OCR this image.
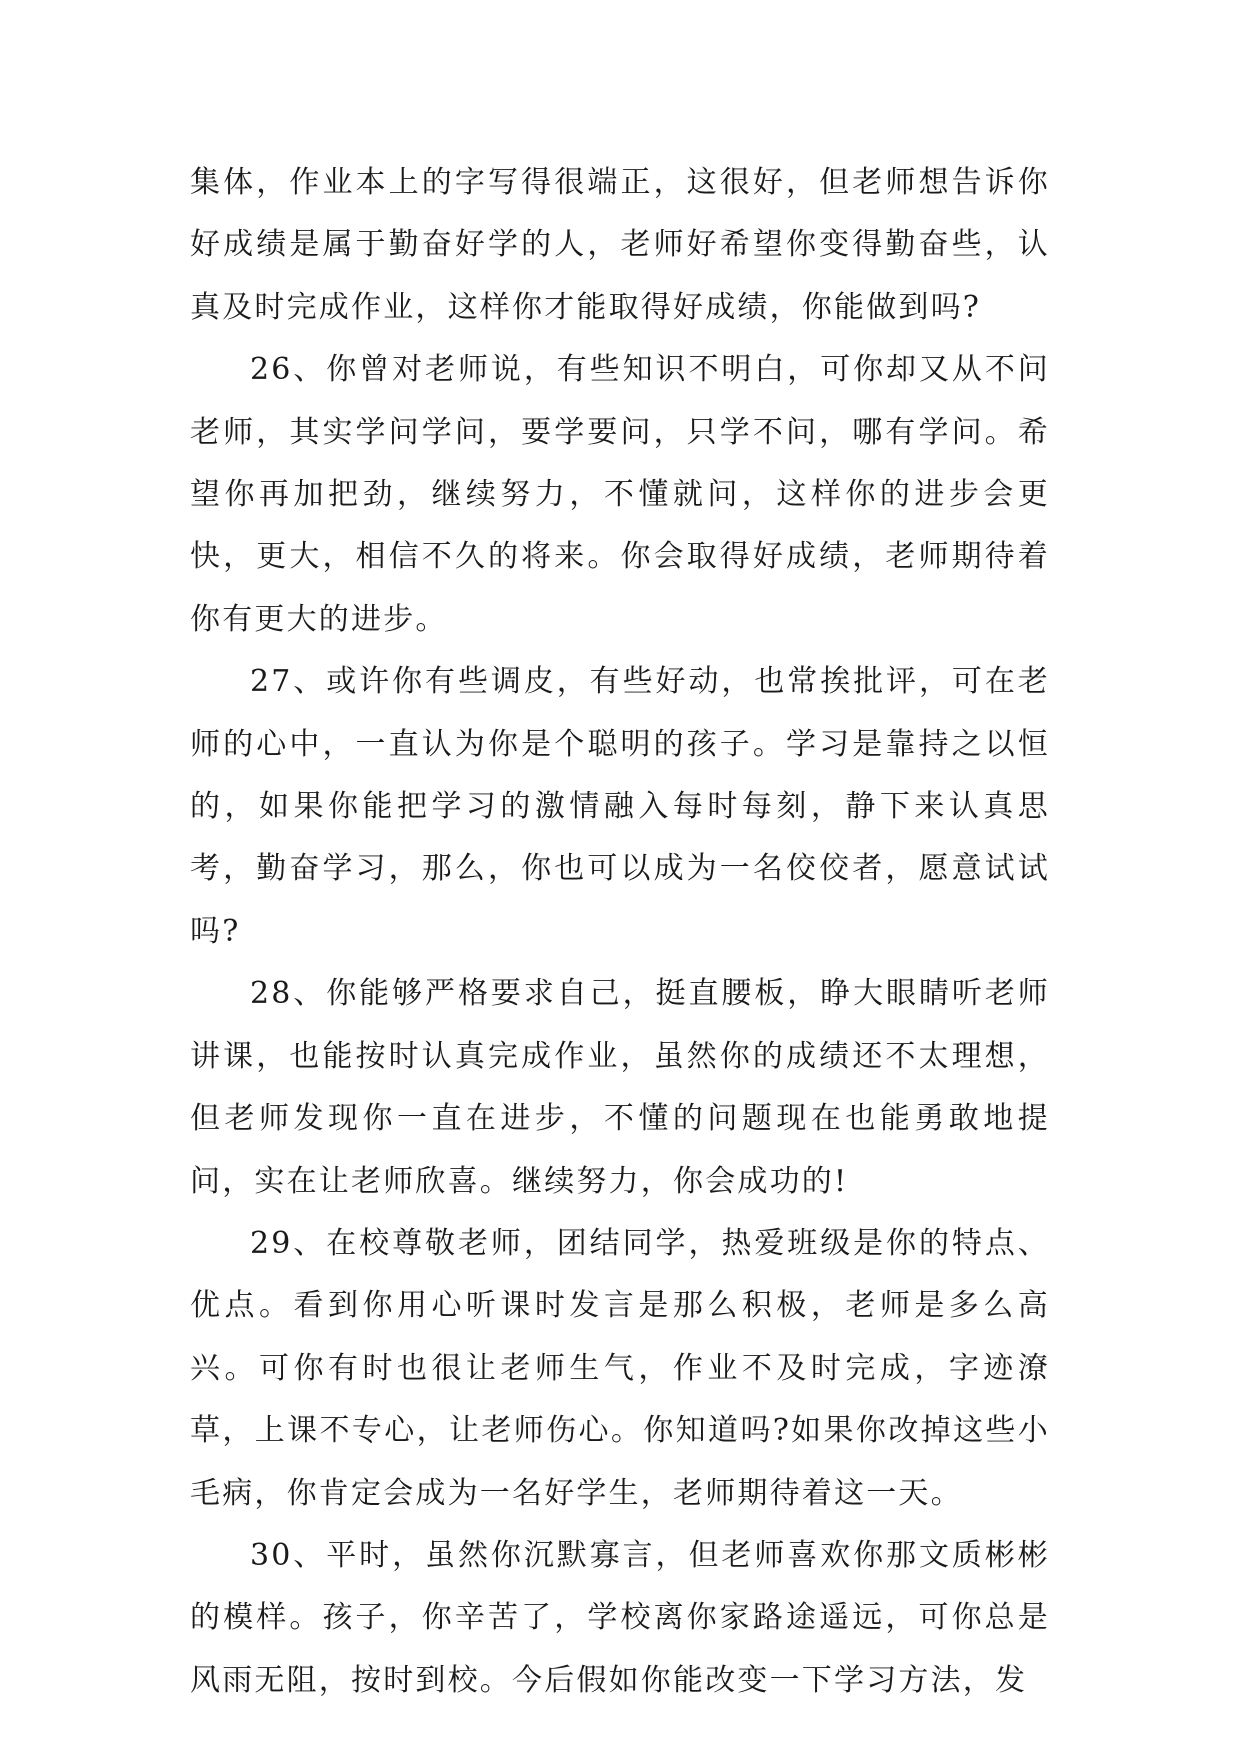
集体，作业本上的字写得很端正，这很好，但老师想告诉你好成绩是属于勤奋好学的人，老师好希望你变得勤奋些，认真及时完成作业，这样你才能取得好成绩，你能做到吗?

26、你曾对老师说，有些知识不明白，可你却又从不问老师，其实学问学问，要学要问，只学不问，哪有学问。希望你再加把劲，继续努力，不懂就问，这样你的进步会更快，更大，相信不久的将来。你会取得好成绩，老师期待着你有更大的进步。

27、或许你有些调皮，有些好动，也常挨批评，可在老师的心中，一直认为你是个聪明的孩子。学习是靠持之以恒的，如果你能把学习的激情融入每时每刻，静下来认真思考，勤奋学习，那么，你也可以成为一名佼佼者，愿意试试吗?

28、你能够严格要求自己，挺直腰板，睁大眼睛听老师讲课，也能按时认真完成作业，虽然你的成绩还不太理想，但老师发现你一直在进步，不懂的问题现在也能勇敢地提问，实在让老师欣喜。继续努力，你会成功的!

29、在校尊敬老师，团结同学，热爱班级是你的特点、优点。看到你用心听课时发言是那么积极，老师是多么高兴。可你有时也很让老师生气，作业不及时完成，字迹潦草，上课不专心，让老师伤心。你知道吗?如果你改掉这些小毛病，你肯定会成为一名好学生，老师期待着这一天。

30、平时，虽然你沉默寡言，但老师喜欢你那文质彬彬的模样。孩子，你辛苦了，学校离你家路途遥远，可你总是风雨无阻，按时到校。今后假如你能改变一下学习方法，发
